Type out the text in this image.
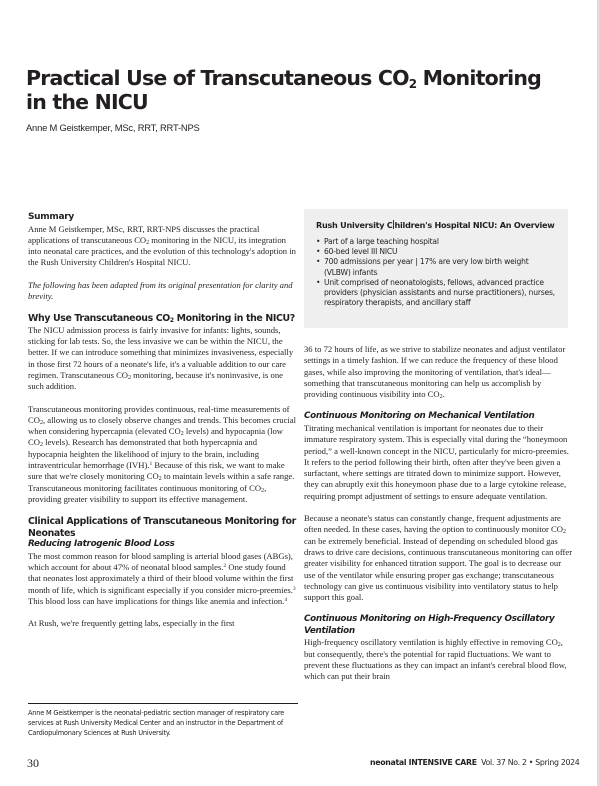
Practical Use of Transcutaneous $CO_2$ Monitoring
in the NICU
Anne M Geistkemper, MSc, RRT, RRT-NPS
Summary

Anne M Geistkemper, MSc, RRT, RRT-NPS discusses the practical applications of transcutaneous $CO_2$ monitoring in the NICU, its integration into neonatal care practices, and the evolution of this technology's adoption in the Rush University Children's Hospital NICU.

The following has been adapted from its original presentation for clarity and brevity.

Why Use Transcutaneous $CO_2$ Monitoring in the NICU?

The NICU admission process is fairly invasive for infants: lights, sounds, sticking for lab tests. So, the less invasive we can be within the NICU, the better. If we can introduce something that minimizes invasiveness, especially in those first 72 hours of a neonate's life, it's a valuable addition to our care regimen. Transcutaneous $CO_2$ monitoring, because it's noninvasive, is one such addition.

Transcutaneous monitoring provides continuous, real-time measurements of $CO_2$, allowing us to closely observe changes and trends. This becomes crucial when considering hypercapnia (elevated $CO_2$ levels) and hypocapnia (low $CO_2$ levels). Research has demonstrated that both hypercapnia and hypocapnia heighten the likelihood of injury to the brain, including intraventricular hemorrhage (IVH).$^1$ Because of this risk, we want to make sure that we're closely monitoring $CO_2$ to maintain levels within a safe range. Transcutaneous monitoring facilitates continuous monitoring of $CO_2$, providing greater visibility to support its effective management.

Clinical Applications of Transcutaneous Monitoring for Neonates
Reducing Iatrogenic Blood Loss

The most common reason for blood sampling is arterial blood gases (ABGs), which account for about 47% of neonatal blood samples.$^2$ One study found that neonates lost approximately a third of their blood volume within the first month of life, which is significant especially if you consider micro-preemies.$^3$ This blood loss can have implications for things like anemia and infection.$^4$

At Rush, we're frequently getting labs, especially in the first

Rush University C hildren's Hospital NICU: An Overview
• Part of a large teaching hospital
• 60-bed level III NICU
• 700 admissions per year | 17% are very low birth weight (VLBW) infants
• Unit comprised of neonatologists, fellows, advanced practice providers (physician assistants and nurse practitioners), nurses, respiratory therapists, and ancillary staff

36 to 72 hours of life, as we strive to stabilize neonates and adjust ventilator settings in a timely fashion. If we can reduce the frequency of these blood gases, while also improving the monitoring of ventilation, that's ideal—something that transcutaneous monitoring can help us accomplish by providing continuous visibility into $CO_2$.

Continuous Monitoring on Mechanical Ventilation

Titrating mechanical ventilation is important for neonates due to their immature respiratory system. This is especially vital during the “honeymoon period,” a well-known concept in the NICU, particularly for micro-preemies. It refers to the period following their birth, often after they've been given a surfactant, where settings are titrated down to minimize support. However, they can abruptly exit this honeymoon phase due to a large cytokine release, requiring prompt adjustment of settings to ensure adequate ventilation.

Because a neonate's status can constantly change, frequent adjustments are often needed. In these cases, having the option to continuously monitor $CO_2$ can be extremely beneficial. Instead of depending on scheduled blood gas draws to drive care decisions, continuous transcutaneous monitoring can offer greater visibility for enhanced titration support. The goal is to decrease our use of the ventilator while ensuring proper gas exchange; transcutaneous technology can give us continuous visibility into ventilatory status to help support this goal.

Continuous Monitoring on High-Frequency Oscillatory Ventilation

High-frequency oscillatory ventilation is highly effective in removing $CO_2$, but consequently, there's the potential for rapid fluctuations. We want to prevent these fluctuations as they can impact an infant's cerebral blood flow, which can put their brain

Anne M Geistkemper is the neonatal-pediatric section manager of respiratory care services at Rush University Medical Center and an instructor in the Department of Cardiopulmonary Sciences at Rush University.
30	neonatal INTENSIVE CARE Vol. 37 No. 2 • Spring 2024
